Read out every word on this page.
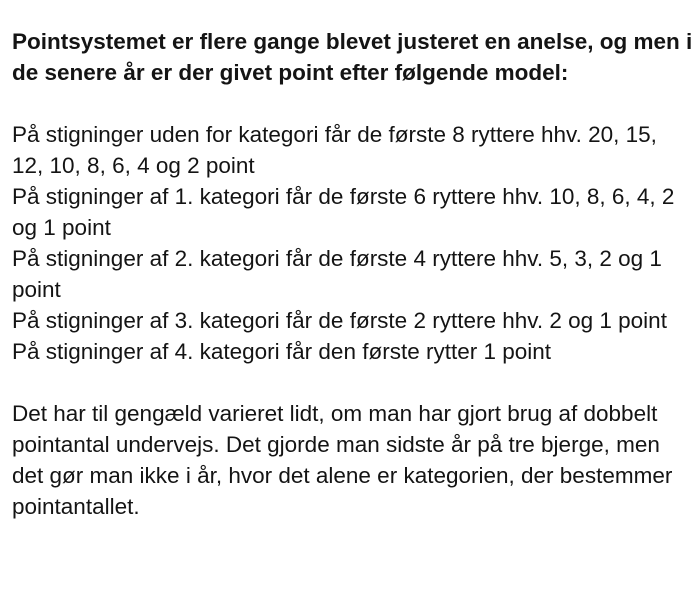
Pointsystemet er flere gange blevet justeret en anelse, og men i de senere år er der givet point efter følgende model:

På stigninger uden for kategori får de første 8 ryttere hhv. 20, 15, 12, 10, 8, 6, 4 og 2 point
På stigninger af 1. kategori får de første 6 ryttere hhv. 10, 8, 6, 4, 2 og 1 point
På stigninger af 2. kategori får de første 4 ryttere hhv. 5, 3, 2 og 1 point
På stigninger af 3. kategori får de første 2 ryttere hhv. 2 og 1 point
På stigninger af 4. kategori får den første rytter 1 point

Det har til gengæld varieret lidt, om man har gjort brug af dobbelt pointantal undervejs. Det gjorde man sidste år på tre bjerge, men det gør man ikke i år, hvor det alene er kategorien, der bestemmer pointantallet.
